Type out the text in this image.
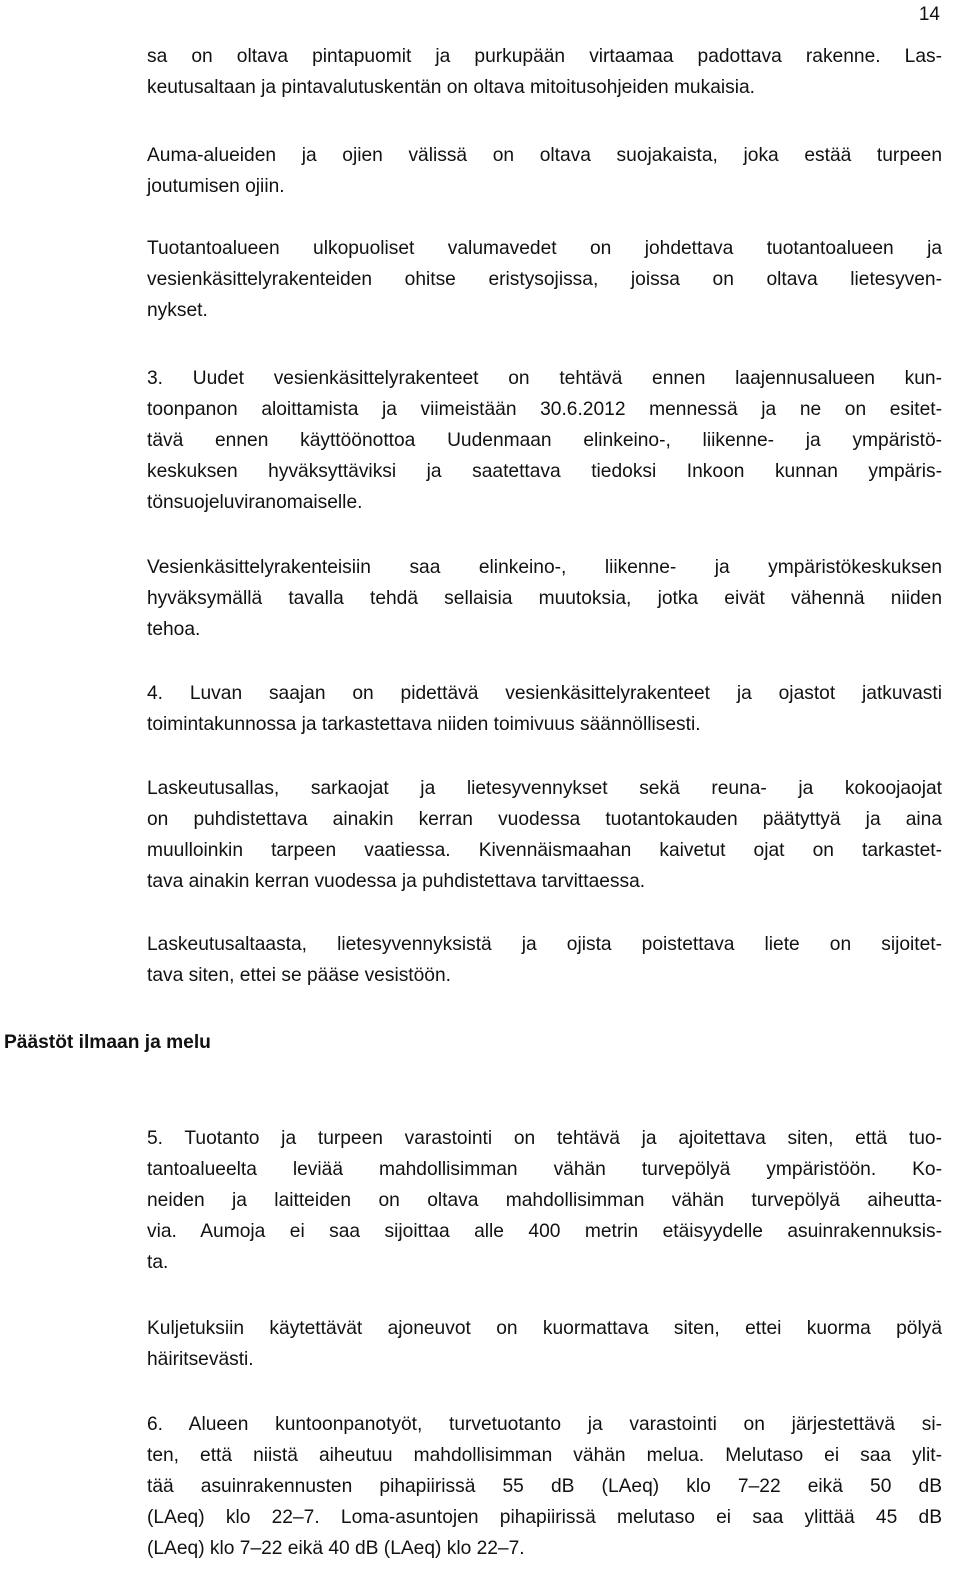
14
Päästöt ilmaan ja melu
sa on oltava pintapuomit ja purkupään virtaamaa padottava rakenne. Las-
keutusaltaan ja pintavalutuskentän on oltava mitoitusohjeiden mukaisia.
Auma-alueiden ja ojien välissä on oltava suojakaista, joka estää turpeen
joutumisen ojiin.
Tuotantoalueen ulkopuoliset valumavedet on johdettava tuotantoalueen ja
vesienkäsittelyrakenteiden ohitse eristysojissa, joissa on oltava lietesyven-
nykset.
3. Uudet vesienkäsittelyrakenteet on tehtävä ennen laajennusalueen kun-
toonpanon aloittamista ja viimeistään 30.6.2012 mennessä ja ne on esitet-
tävä ennen käyttöönottoa Uudenmaan elinkeino-, liikenne- ja ympäristö-
keskuksen hyväksyttäviksi ja saatettava tiedoksi Inkoon kunnan ympäris-
tönsuojeluviranomaiselle.
Vesienkäsittelyrakenteisiin saa elinkeino-, liikenne- ja ympäristökeskuksen
hyväksymällä tavalla tehdä sellaisia muutoksia, jotka eivät vähennä niiden
tehoa.
4. Luvan saajan on pidettävä vesienkäsittelyrakenteet ja ojastot jatkuvasti
toimintakunnossa ja tarkastettava niiden toimivuus säännöllisesti.
Laskeutusallas, sarkaojat ja lietesyvennykset sekä reuna- ja kokoojaojat
on puhdistettava ainakin kerran vuodessa tuotantokauden päätyttyä ja aina
muulloinkin tarpeen vaatiessa. Kivennäismaahan kaivetut ojat on tarkastet-
tava ainakin kerran vuodessa ja puhdistettava tarvittaessa.
Laskeutusaltaasta, lietesyvennyksistä ja ojista poistettava liete on sijoitet-
tava siten, ettei se pääse vesistöön.
5. Tuotanto ja turpeen varastointi on tehtävä ja ajoitettava siten, että tuo-
tantoalueelta leviää mahdollisimman vähän turvepölyä ympäristöön. Ko-
neiden ja laitteiden on oltava mahdollisimman vähän turvepölyä aiheutta-
via. Aumoja ei saa sijoittaa alle 400 metrin etäisyydelle asuinrakennuksis-
ta.
Kuljetuksiin käytettävät ajoneuvot on kuormattava siten, ettei kuorma pölyä
häiritsevästi.
6. Alueen kuntoonpanotyöt, turvetuotanto ja varastointi on järjestettävä si-
ten, että niistä aiheutuu mahdollisimman vähän melua. Melutaso ei saa ylit-
tää asuinrakennusten pihapiirissä 55 dB (LAeq) klo 7–22 eikä 50 dB
(LAeq) klo 22–7. Loma-asuntojen pihapiirissä melutaso ei saa ylittää 45 dB
(LAeq) klo 7–22 eikä 40 dB (LAeq) klo 22–7.
